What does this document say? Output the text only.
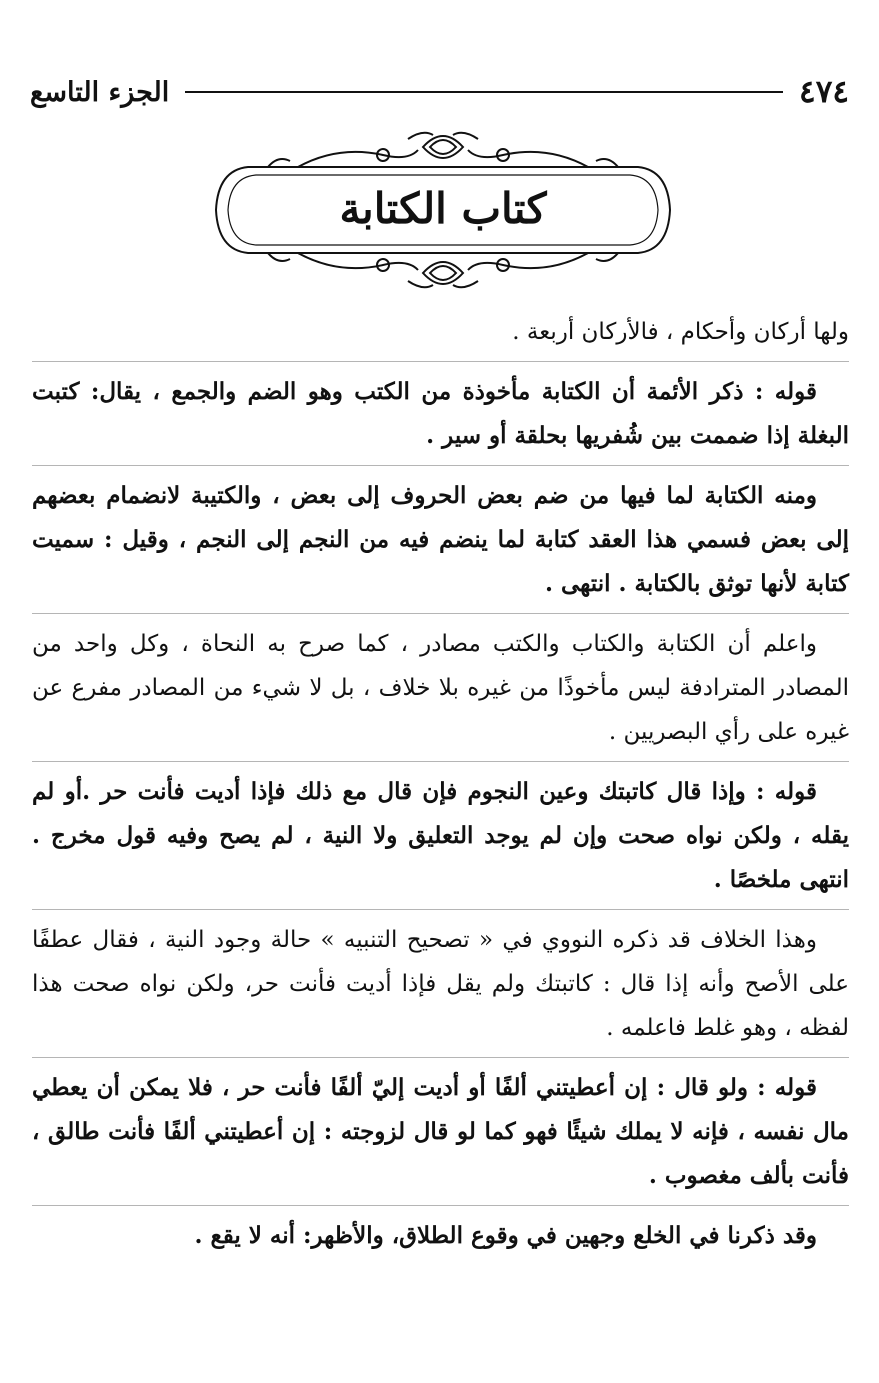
٤٧٤
الجزء التاسع
كتاب الكتابة

ولها أركان وأحكام ، فالأركان أربعة .

قوله : ذكر الأئمة أن الكتابة مأخوذة من الكتب وهو الضم والجمع ، يقال: كتبت البغلة إذا ضممت بين شُفريها بحلقة أو سير .

ومنه الكتابة لما فيها من ضم بعض الحروف إلى بعض ، والكتيبة لانضمام بعضهم إلى بعض فسمي هذا العقد كتابة لما ينضم فيه من النجم إلى النجم ، وقيل : سميت كتابة لأنها توثق بالكتابة . انتهى .

واعلم أن الكتابة والكتاب والكتب مصادر ، كما صرح به النحاة ، وكل واحد من المصادر المترادفة ليس مأخوذًا من غيره بلا خلاف ، بل لا شيء من المصادر مفرع عن غيره على رأي البصريين .

قوله : وإذا قال كاتبتك وعين النجوم فإن قال مع ذلك فإذا أديت فأنت حر .أو لم يقله ، ولكن نواه صحت وإن لم يوجد التعليق ولا النية ، لم يصح وفيه قول مخرج . انتهى ملخصًا .

وهذا الخلاف قد ذكره النووي في « تصحيح التنبيه » حالة وجود النية ، فقال عطفًا على الأصح وأنه إذا قال : كاتبتك ولم يقل فإذا أديت فأنت حر، ولكن نواه صحت هذا لفظه ، وهو غلط فاعلمه .

قوله : ولو قال : إن أعطيتني ألفًا أو أديت إليّ ألفًا فأنت حر ، فلا يمكن أن يعطي مال نفسه ، فإنه لا يملك شيئًا فهو كما لو قال لزوجته : إن أعطيتني ألفًا فأنت طالق ، فأنت بألف مغصوب .

وقد ذكرنا في الخلع وجهين في وقوع الطلاق، والأظهر: أنه لا يقع .
